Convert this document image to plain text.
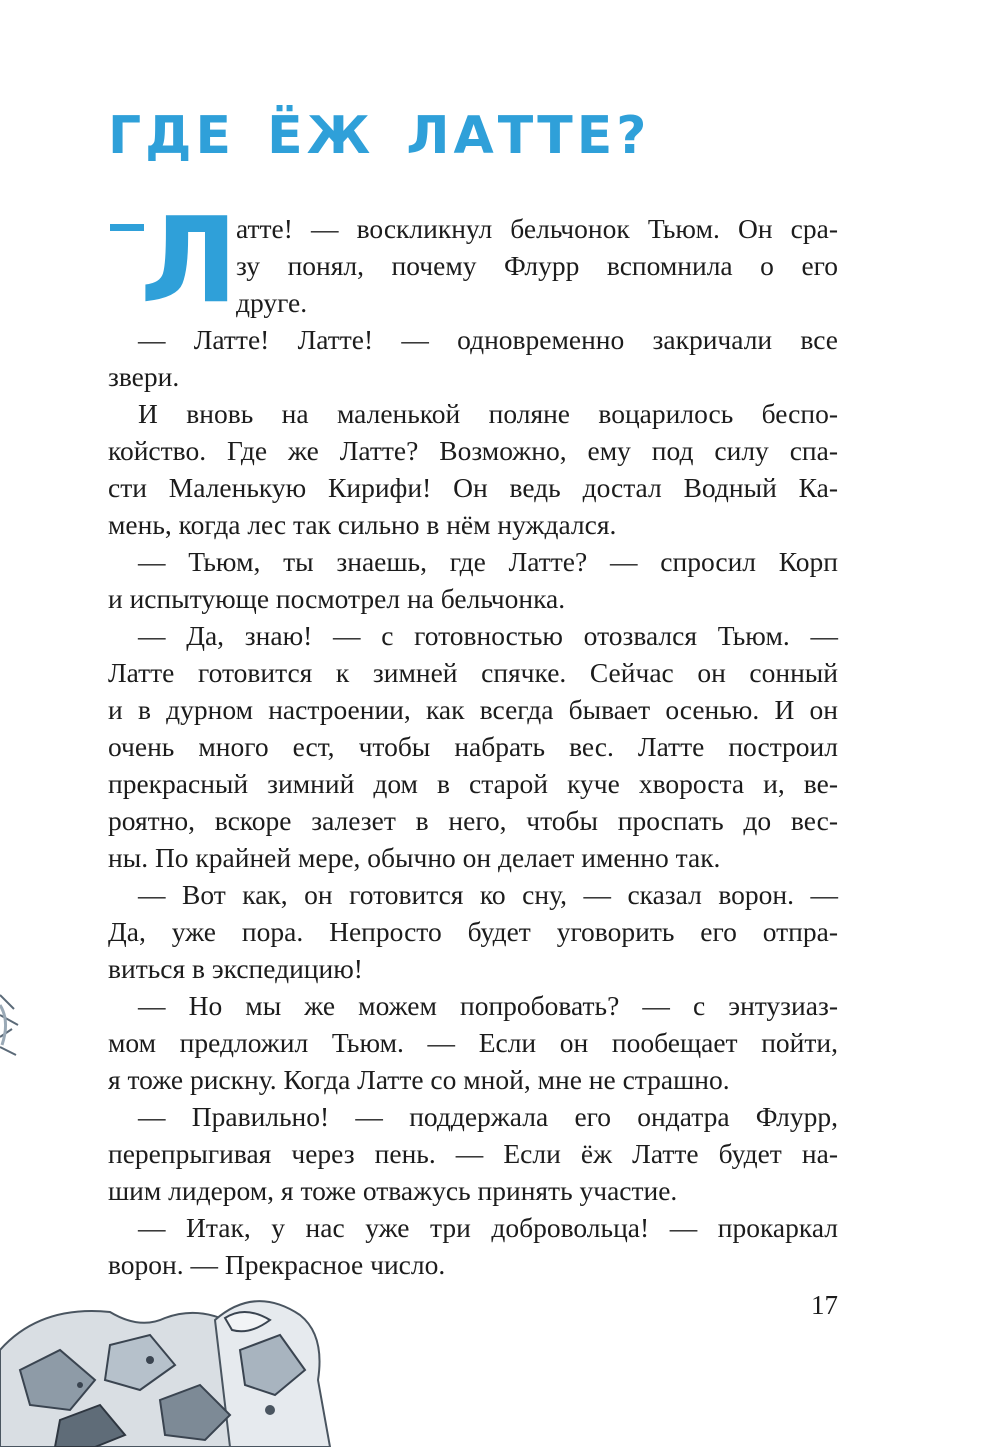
ГДЕ ЁЖ ЛАТТЕ?
Л
атте! — воскликнул бельчонок Тьюм. Он сра-
зу понял, почему Флурр вспомнила о его
друге.
— Латте! Латте! — одновременно закричали все
звери.
И вновь на маленькой поляне воцарилось беспо-
койство. Где же Латте? Возможно, ему под силу спа-
сти Маленькую Кирифи! Он ведь достал Водный Ка-
мень, когда лес так сильно в нём нуждался.
— Тьюм, ты знаешь, где Латте? — спросил Корп
и испытующе посмотрел на бельчонка.
— Да, знаю! — с готовностью отозвался Тьюм. —
Латте готовится к зимней спячке. Сейчас он сонный
и в дурном настроении, как всегда бывает осенью. И он
очень много ест, чтобы набрать вес. Латте построил
прекрасный зимний дом в старой куче хвороста и, ве-
роятно, вскоре залезет в него, чтобы проспать до вес-
ны. По крайней мере, обычно он делает именно так.
— Вот как, он готовится ко сну, — сказал ворон. —
Да, уже пора. Непросто будет уговорить его отпра-
виться в экспедицию!
— Но мы же можем попробовать? — с энтузиаз-
мом предложил Тьюм. — Если он пообещает пойти,
я тоже рискну. Когда Латте со мной, мне не страшно.
— Правильно! — поддержала его ондатра Флурр,
перепрыгивая через пень. — Если ёж Латте будет на-
шим лидером, я тоже отважусь принять участие.
— Итак, у нас уже три добровольца! — прокаркал
ворон. — Прекрасное число.

17
